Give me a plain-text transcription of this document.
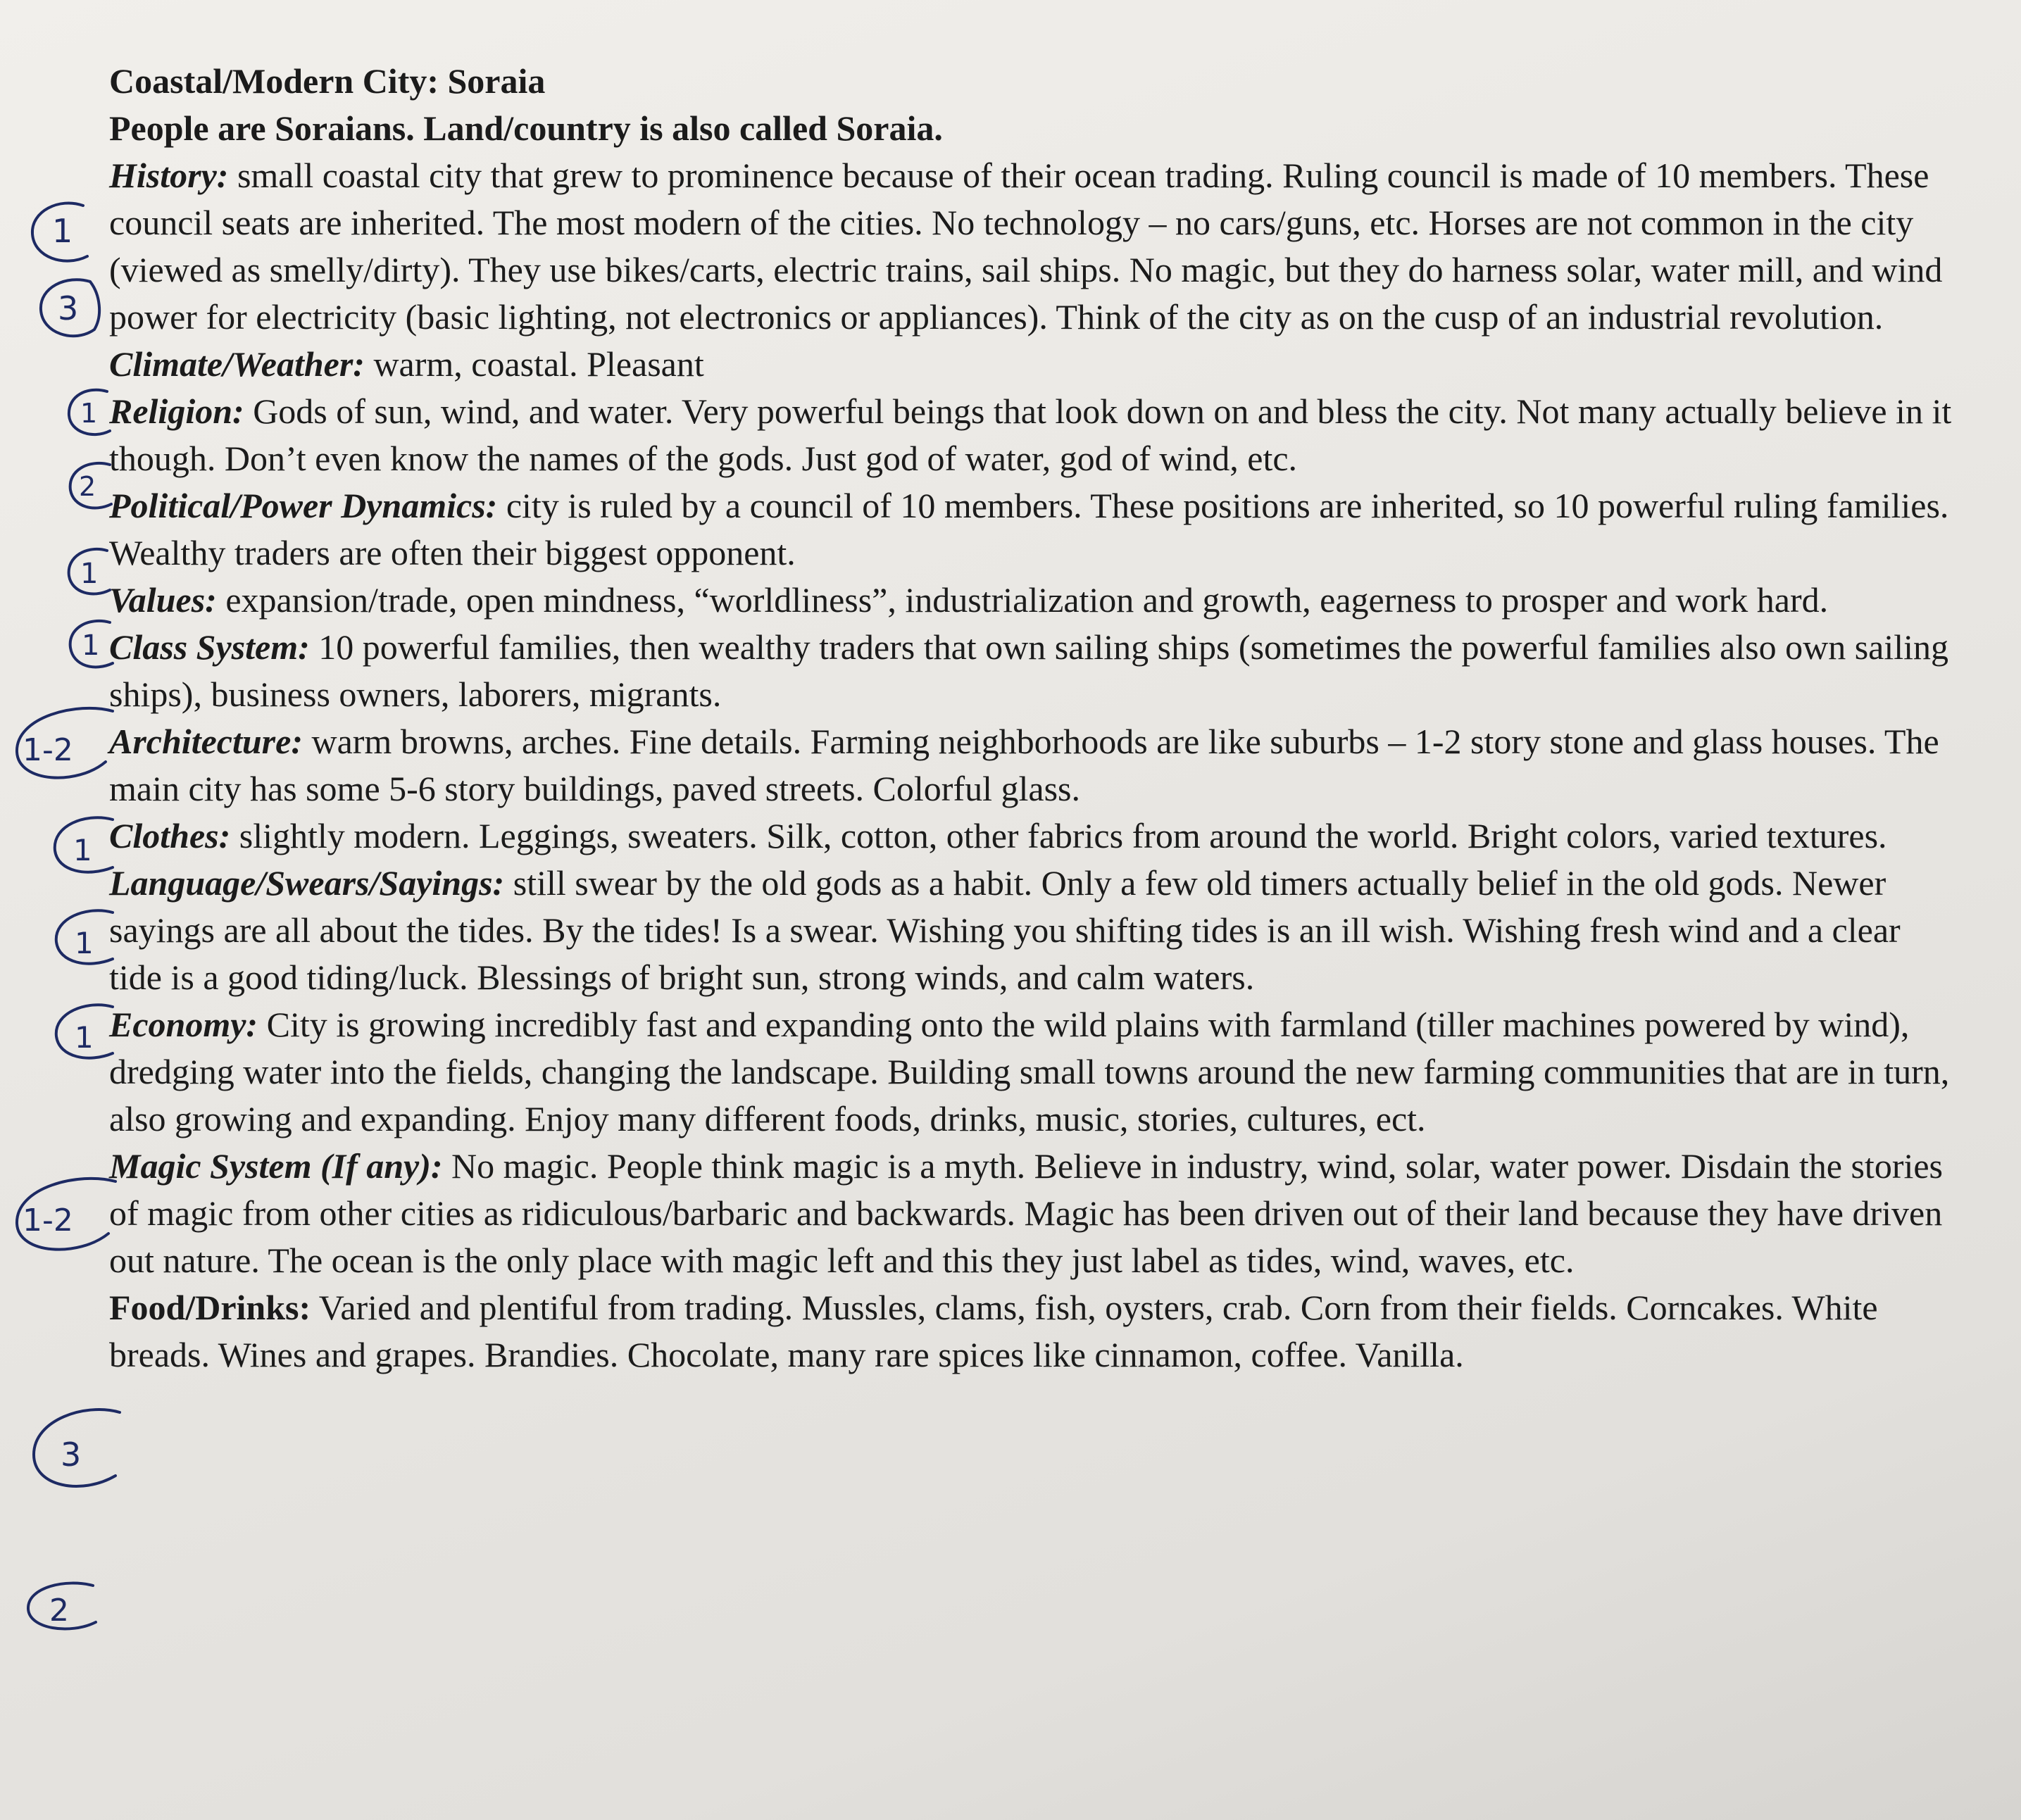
Coastal/Modern City: Soraia

People are Soraians. Land/country is also called Soraia.

History: small coastal city that grew to prominence because of their ocean trading. Ruling council is made of 10 members. These council seats are inherited. The most modern of the cities. No technology – no cars/guns, etc. Horses are not common in the city (viewed as smelly/dirty). They use bikes/carts, electric trains, sail ships. No magic, but they do harness solar, water mill, and wind power for electricity (basic lighting, not electronics or appliances). Think of the city as on the cusp of an industrial revolution.

Climate/Weather: warm, coastal. Pleasant

Religion: Gods of sun, wind, and water. Very powerful beings that look down on and bless the city. Not many actually believe in it though. Don’t even know the names of the gods. Just god of water, god of wind, etc.

Political/Power Dynamics: city is ruled by a council of 10 members. These positions are inherited, so 10 powerful ruling families. Wealthy traders are often their biggest opponent.

Values: expansion/trade, open mindness, “worldliness”, industrialization and growth, eagerness to prosper and work hard.

Class System: 10 powerful families, then wealthy traders that own sailing ships (sometimes the powerful families also own sailing ships), business owners, laborers, migrants.

Architecture: warm browns, arches. Fine details. Farming neighborhoods are like suburbs – 1-2 story stone and glass houses. The main city has some 5-6 story buildings, paved streets. Colorful glass.

Clothes: slightly modern. Leggings, sweaters. Silk, cotton, other fabrics from around the world. Bright colors, varied textures.

Language/Swears/Sayings: still swear by the old gods as a habit. Only a few old timers actually belief in the old gods. Newer sayings are all about the tides. By the tides! Is a swear. Wishing you shifting tides is an ill wish. Wishing fresh wind and a clear tide is a good tiding/luck. Blessings of bright sun, strong winds, and calm waters.

Economy: City is growing incredibly fast and expanding onto the wild plains with farmland (tiller machines powered by wind), dredging water into the fields, changing the landscape. Building small towns around the new farming communities that are in turn, also growing and expanding. Enjoy many different foods, drinks, music, stories, cultures, ect.

Magic System (If any): No magic. People think magic is a myth. Believe in industry, wind, solar, water power. Disdain the stories of magic from other cities as ridiculous/barbaric and backwards. Magic has been driven out of their land because they have driven out nature. The ocean is the only place with magic left and this they just label as tides, wind, waves, etc.

Food/Drinks: Varied and plentiful from trading. Mussles, clams, fish, oysters, crab. Corn from their fields. Corncakes. White breads. Wines and grapes. Brandies. Chocolate, many rare spices like cinnamon, coffee. Vanilla.

1
3
1
2
1
1
1-2
1
1
1
1-2
3
2
